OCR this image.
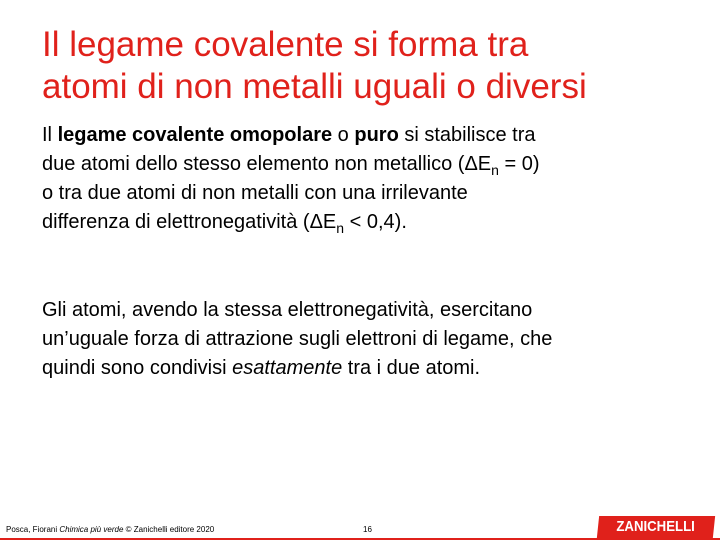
Il legame covalente si forma tra
atomi di non metalli uguali o diversi

Il legame covalente omopolare o puro si stabilisce tra
due atomi dello stesso elemento non metallico $(\Delta E_n = 0)$
o tra due atomi di non metalli con una irrilevante
differenza di elettronegatività $(\Delta E_n < 0,4)$.

Gli atomi, avendo la stessa elettronegatività, esercitano
un’uguale forza di attrazione sugli elettroni di legame, che
quindi sono condivisi esattamente tra i due atomi.

Posca, Fiorani Chimica più verde © Zanichelli editore 2020	16	ZANICHELLI
